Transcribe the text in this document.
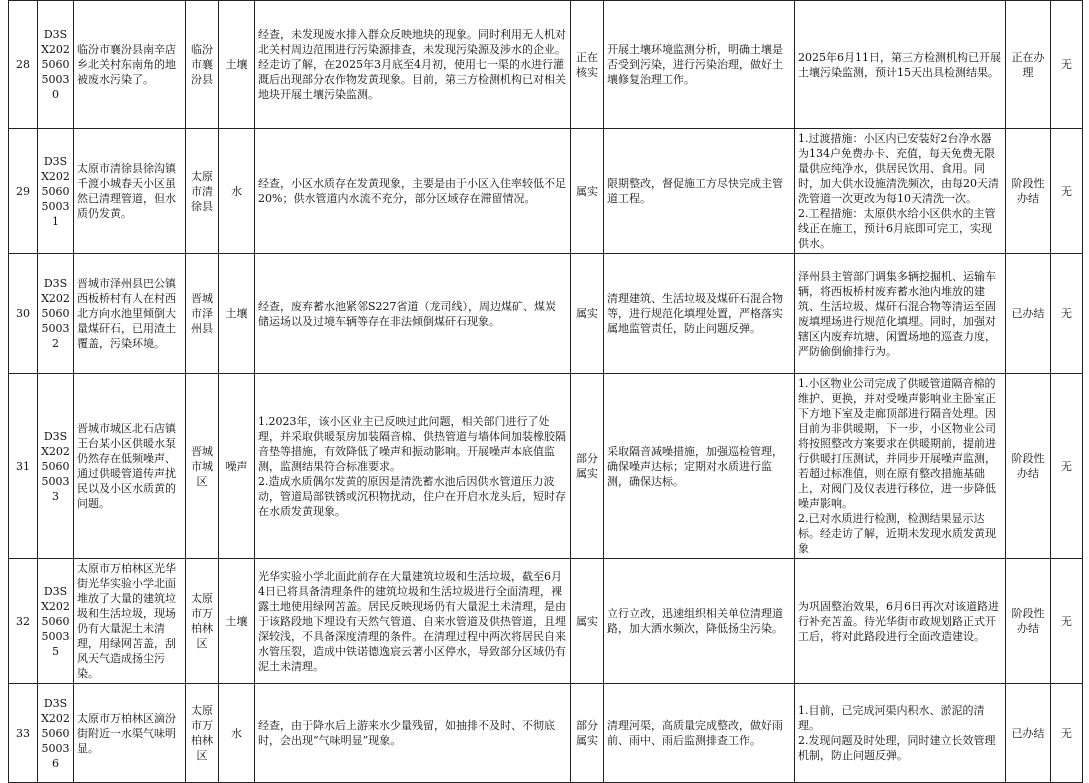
28	D3SX202506050030	临汾市襄汾县南辛店乡北关村东南角的地被废水污染了。	临汾市襄汾县	土壤	经查，未发现废水排入群众反映地块的现象。同时利用无人机对北关村周边范围进行污染源排查，未发现污染源及涉水的企业。
经走访了解，在2025年3月底至4月初，使用七一渠的水进行灌溉后出现部分农作物发黄现象。目前，第三方检测机构已对相关地块开展土壤污染监测。	正在核实	开展土壤环境监测分析，明确土壤是否受到污染，进行污染治理，做好土壤修复治理工作。	2025年6月11日，第三方检测机构已开展土壤污染监测，预计15天出具检测结果。	正在办理	无
29	D3SX202506050031	太原市清徐县徐沟镇千渡小城春天小区虽然已清理管道，但水质仍发黄。	太原市清徐县	水	经查，小区水质存在发黄现象，主要是由于小区入住率较低不足20%；供水管道内水流不充分，部分区域存在滞留情况。	属实	限期整改，督促施工方尽快完成主管道工程。	1.过渡措施：小区内已安装好2台净水器为134户免费办卡、充值，每天免费无限量供应纯净水，供居民饮用、食用。同时，加大供水设施清洗频次，由每20天清洗管道一次更改为每10天清洗一次。
2.工程措施：太原供水给小区供水的主管线正在施工，预计6月底即可完工，实现供水。	阶段性办结	无
30	D3SX202506050032	晋城市泽州县巴公镇西板桥村有人在村西北方向水池里倾倒大量煤矸石，已用渣土覆盖，污染环境。	晋城市泽州县	土壤	经查，废弃蓄水池紧邻S227省道（龙司线），周边煤矿、煤炭储运场以及过境车辆等存在非法倾倒煤矸石现象。	属实	清理建筑、生活垃圾及煤矸石混合物等，进行规范化填埋处置，严格落实属地监管责任，防止问题反弹。	泽州县主管部门调集多辆挖掘机、运输车辆，将西板桥村废弃蓄水池内堆放的建筑、生活垃圾、煤矸石混合物等清运至固废填埋场进行规范化填埋。同时，加强对辖区内废弃坑塘、闲置场地的巡查力度，严防偷倒偷排行为。	已办结	无
31	D3SX202506050033	晋城市城区北石店镇王台某小区供暖水泵仍然存在低频噪声、通过供暖管道传声扰民以及小区水质黄的问题。	晋城市城区	噪声	1.2023年，该小区业主已反映过此问题，相关部门进行了处理，并采取供暖泵房加装隔音棉、供热管道与墙体间加装橡胶隔音垫等措施，有效降低了噪声和振动影响。开展噪声本底值监测，监测结果符合标准要求。
2.造成水质偶尔发黄的原因是清洗蓄水池后因供水管道压力波动，管道局部铁锈或沉积物扰动，住户在开启水龙头后，短时存在水质发黄现象。	部分属实	采取隔音减噪措施，加强巡检管理，确保噪声达标；定期对水质进行监测，确保达标。	1.小区物业公司完成了供暖管道隔音棉的维护、更换，并对受噪声影响业主卧室正下方地下室及走廊顶部进行隔音处理。因目前为非供暖期，下一步，小区物业公司将按照整改方案要求在供暖期前，提前进行供暖打压测试，并同步开展噪声监测，若超过标准值，则在原有整改措施基础上，对阀门及仪表进行移位，进一步降低噪声影响。
2.已对水质进行检测，检测结果显示达标。经走访了解，近期未发现水质发黄现象	阶段性办结	无
32	D3SX202506050035	太原市万柏林区光华街光华实验小学北面堆放了大量的建筑垃圾和生活垃圾，现场仍有大量泥土未清理，用绿网苫盖，刮风天气造成扬尘污染。	太原市万柏林区	土壤	光华实验小学北面此前存在大量建筑垃圾和生活垃圾，截至6月4日已将具备清理条件的建筑垃圾和生活垃圾进行全面清理，裸露土地使用绿网苫盖。居民反映现场仍有大量泥土未清理，是由于该路段地下埋设有天然气管道、自来水管道及供热管道，且埋深较浅，不具备深度清理的条件。在清理过程中两次将居民自来水管压裂，造成中铁诺德逸宸云著小区停水，导致部分区域仍有泥土未清理。	属实	立行立改，迅速组织相关单位清理道路，加大洒水频次，降低扬尘污染。	为巩固整治效果，6月6日再次对该道路进行补充苫盖。待光华街市政规划路正式开工后，将对此路段进行全面改造建设。	阶段性办结	无
33	D3SX202506050036	太原市万柏林区滴汾街附近一水渠气味明显。	太原市万柏林区	水	经查，由于降水后上游来水少量残留，如抽排不及时、不彻底时，会出现“气味明显”现象。	部分属实	清理河渠，高质量完成整改，做好雨前、雨中、雨后监测排查工作。	1.目前，已完成河渠内积水、淤泥的清理。
2.发现问题及时处理，同时建立长效管理机制，防止问题反弹。	已办结	无
